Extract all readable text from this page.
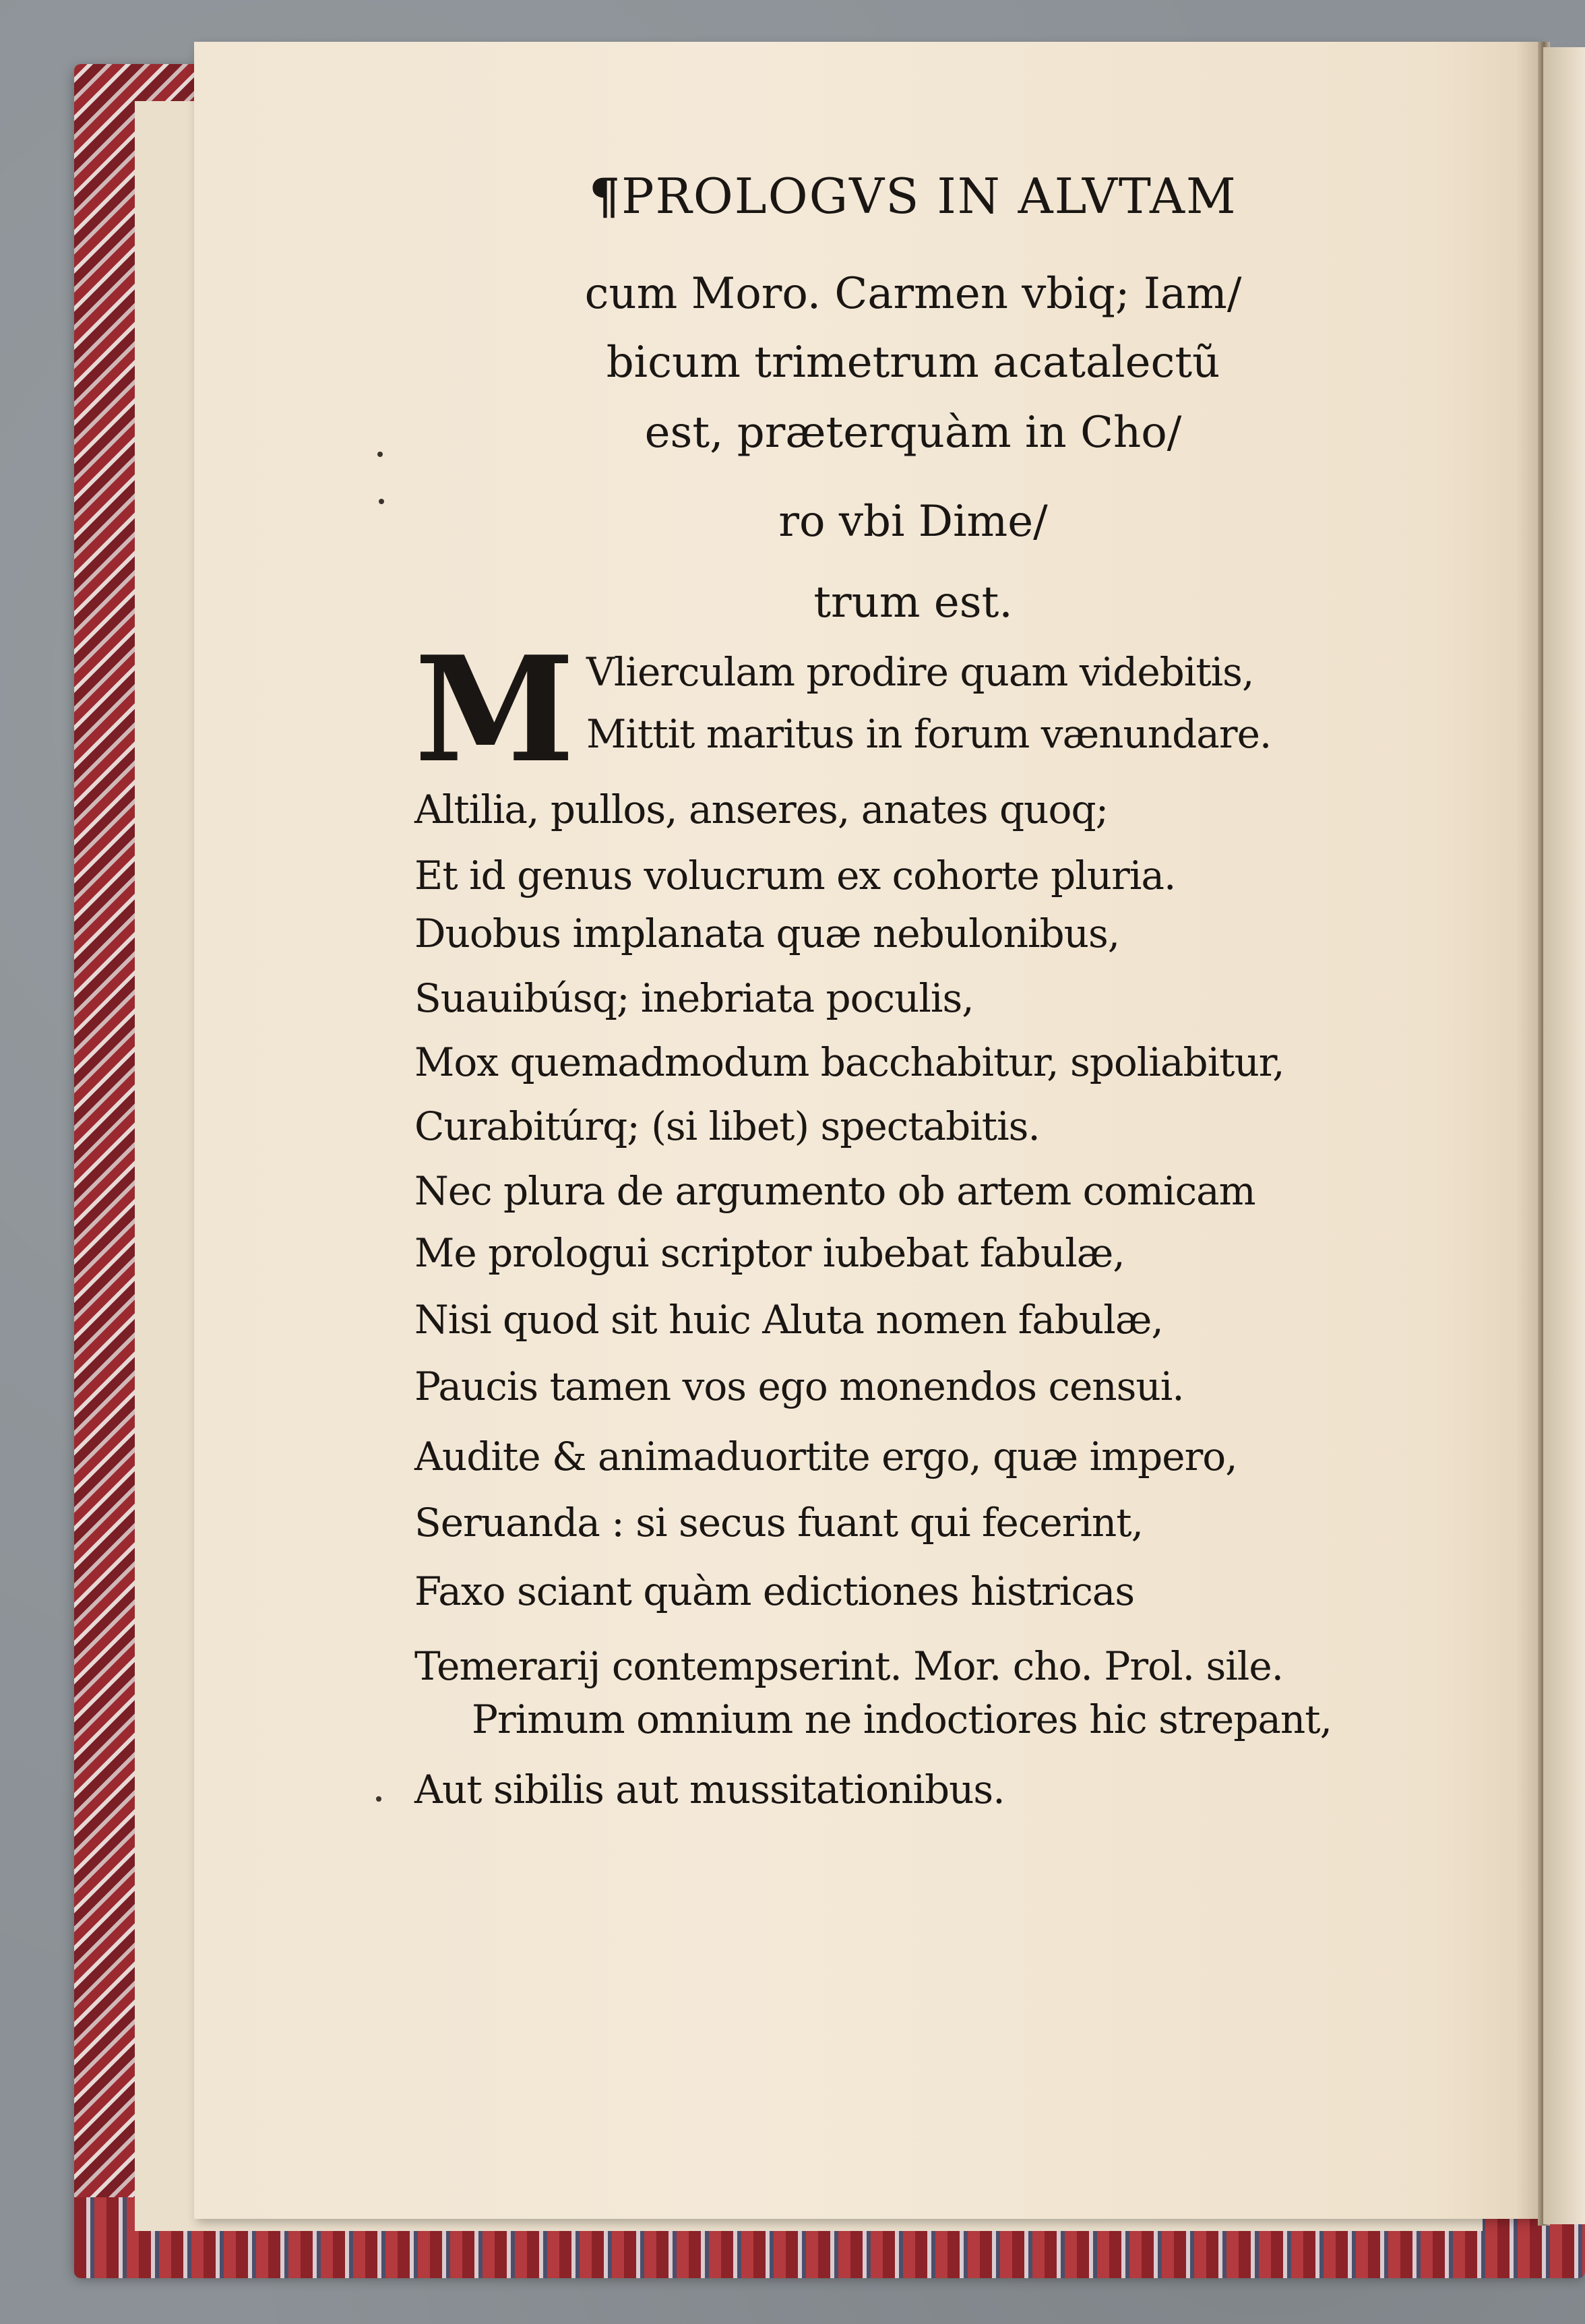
¶PROLOGVS IN ALVTAM
cum Moro. Carmen vbiq; Iam/
bicum trimetrum acatalectũ
est, præterquàm in Cho/
ro vbi Dime/
trum est.
M Vlierculam prodire quam videbitis,
Mittit maritus in forum vænundare.
Altilia, pullos, anseres, anates quoq;
Et id genus volucrum ex cohorte pluria.
Duobus implanata quæ nebulonibus,
Suauibúsq; inebriata poculis,
Mox quemadmodum bacchabitur, spoliabitur,
Curabitúrq; (si libet) spectabitis.
Nec plura de argumento ob artem comicam
Me prologui scriptor iubebat fabulæ,
Nisi quod sit huic Aluta nomen fabulæ,
Paucis tamen vos ego monendos censui.
Audite & animaduortite ergo, quæ impero,
Seruanda : si secus fuant qui fecerint,
Faxo sciant quàm edictiones histricas
Temerarij contempserint. Mor. cho. Prol. sile.
Primum omnium ne indoctiores hic strepant,
Aut sibilis aut mussitationibus.
